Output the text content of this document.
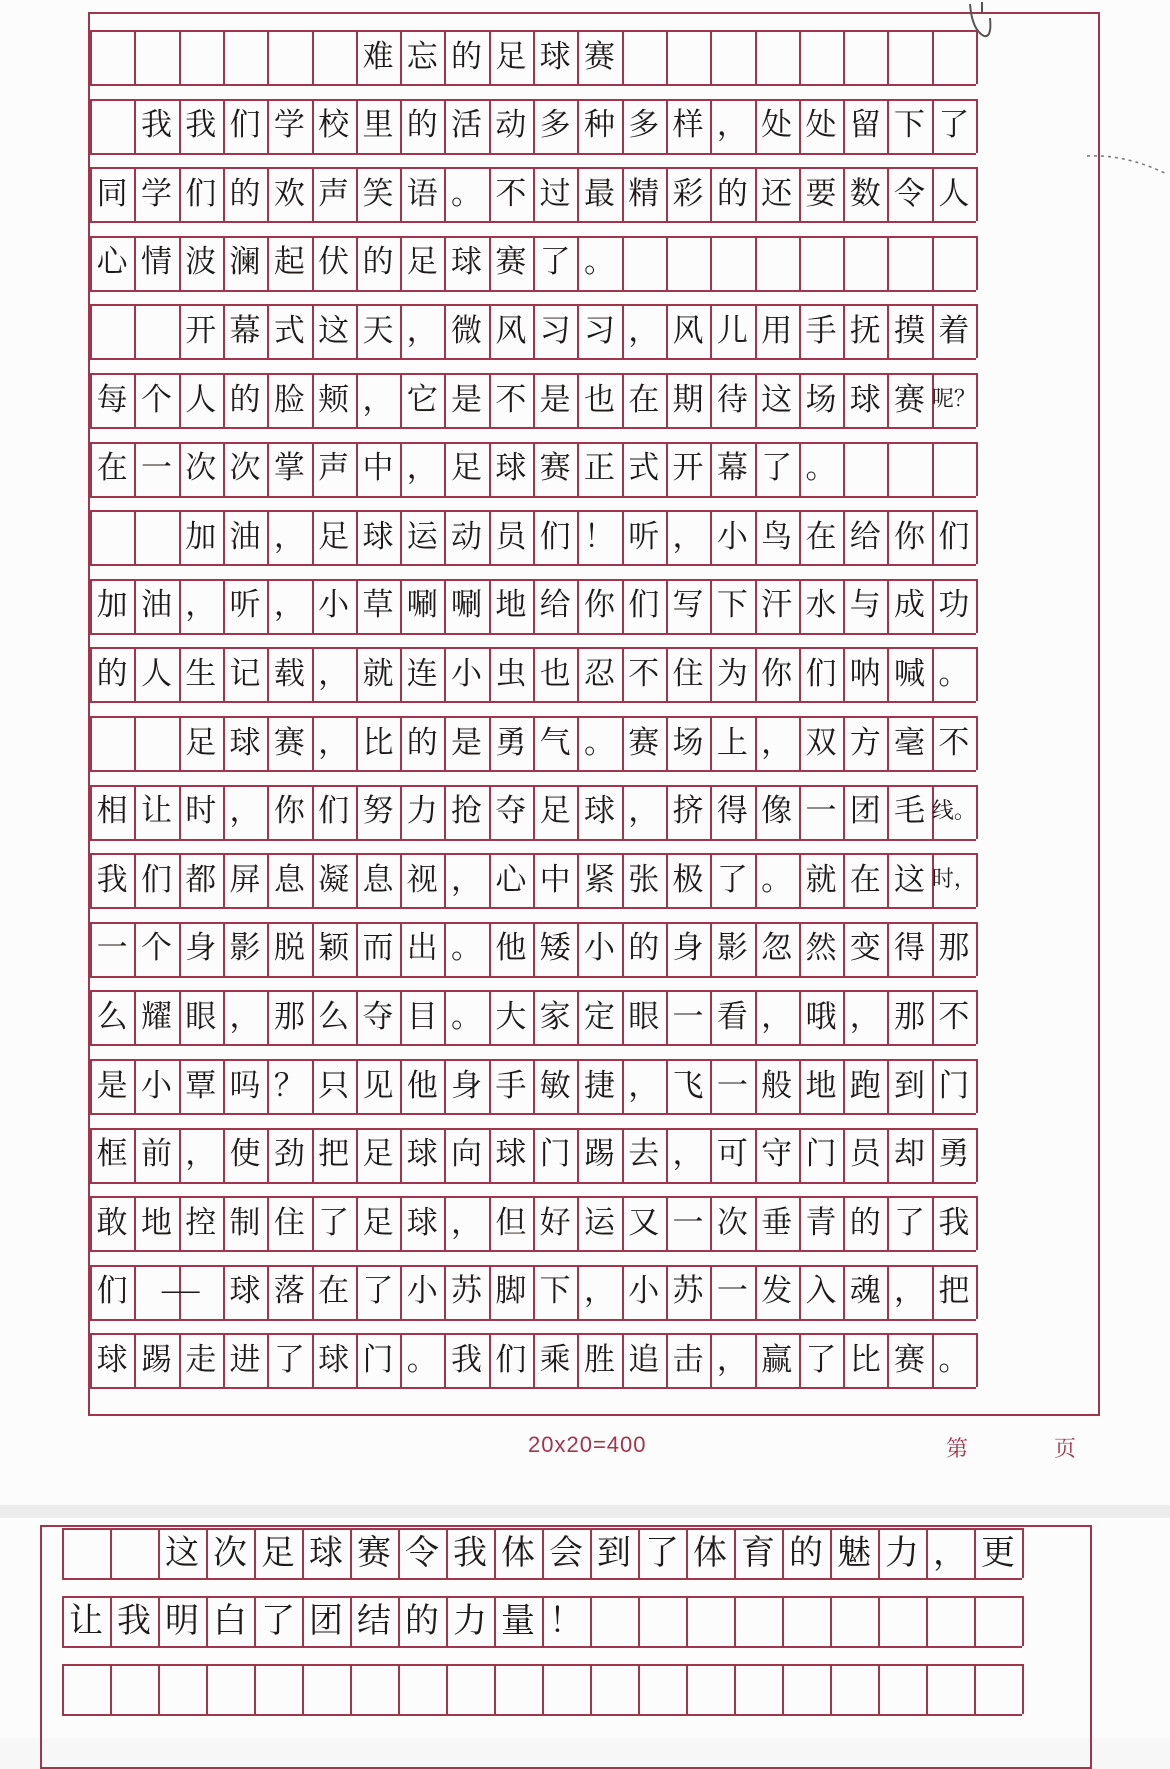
难 忘 的 足 球 赛
我 我 们 学 校 里 的 活 动 多 种 多 样 ， 处 处 留 下 了
同 学 们 的 欢 声 笑 语 。 不 过 最 精 彩 的 还 要 数 令 人
心 情 波 澜 起 伏 的 足 球 赛 了 。
开 幕 式 这 天 ， 微 风 习 习 ， 风 儿 用 手 抚 摸 着
每 个 人 的 脸 颊 ， 它 是 不 是 也 在 期 待 这 场 球 赛 呢？
在 一 次 次 掌 声 中 ， 足 球 赛 正 式 开 幕 了 。
加 油 ， 足 球 运 动 员 们 ！ 听 ， 小 鸟 在 给 你 们
加 油 ， 听 ， 小 草 唰 唰 地 给 你 们 写 下 汗 水 与 成 功
的 人 生 记 载 ， 就 连 小 虫 也 忍 不 住 为 你 们 呐 喊 。
足 球 赛 ， 比 的 是 勇 气 。 赛 场 上 ， 双 方 毫 不
相 让 时 ， 你 们 努 力 抢 夺 足 球 ， 挤 得 像 一 团 毛 线。
我 们 都 屏 息 凝 息 视 ， 心 中 紧 张 极 了 。 就 在 这 时，
一 个 身 影 脱 颖 而 出 。 他 矮 小 的 身 影 忽 然 变 得 那
么 耀 眼 ， 那 么 夺 目 。 大 家 定 眼 一 看 ， 哦 ， 那 不
是 小 覃 吗 ？ 只 见 他 身 手 敏 捷 ， 飞 一 般 地 跑 到 门
框 前 ， 使 劲 把 足 球 向 球 门 踢 去 ， 可 守 门 员 却 勇
敢 地 控 制 住 了 足 球 ， 但 好 运 又 一 次 垂 青 的 了 我
们	——	球 落 在 了 小 苏 脚 下 ， 小 苏 一 发 入 魂 ， 把
球 踢 走 进 了 球 门 。 我 们 乘 胜 追 击 ， 赢 了 比 赛 。
20x20=400	第	页
这 次 足 球 赛 令 我 体 会 到 了 体 育 的 魅 力 ， 更
让 我 明 白 了 团 结 的 力 量 ！
